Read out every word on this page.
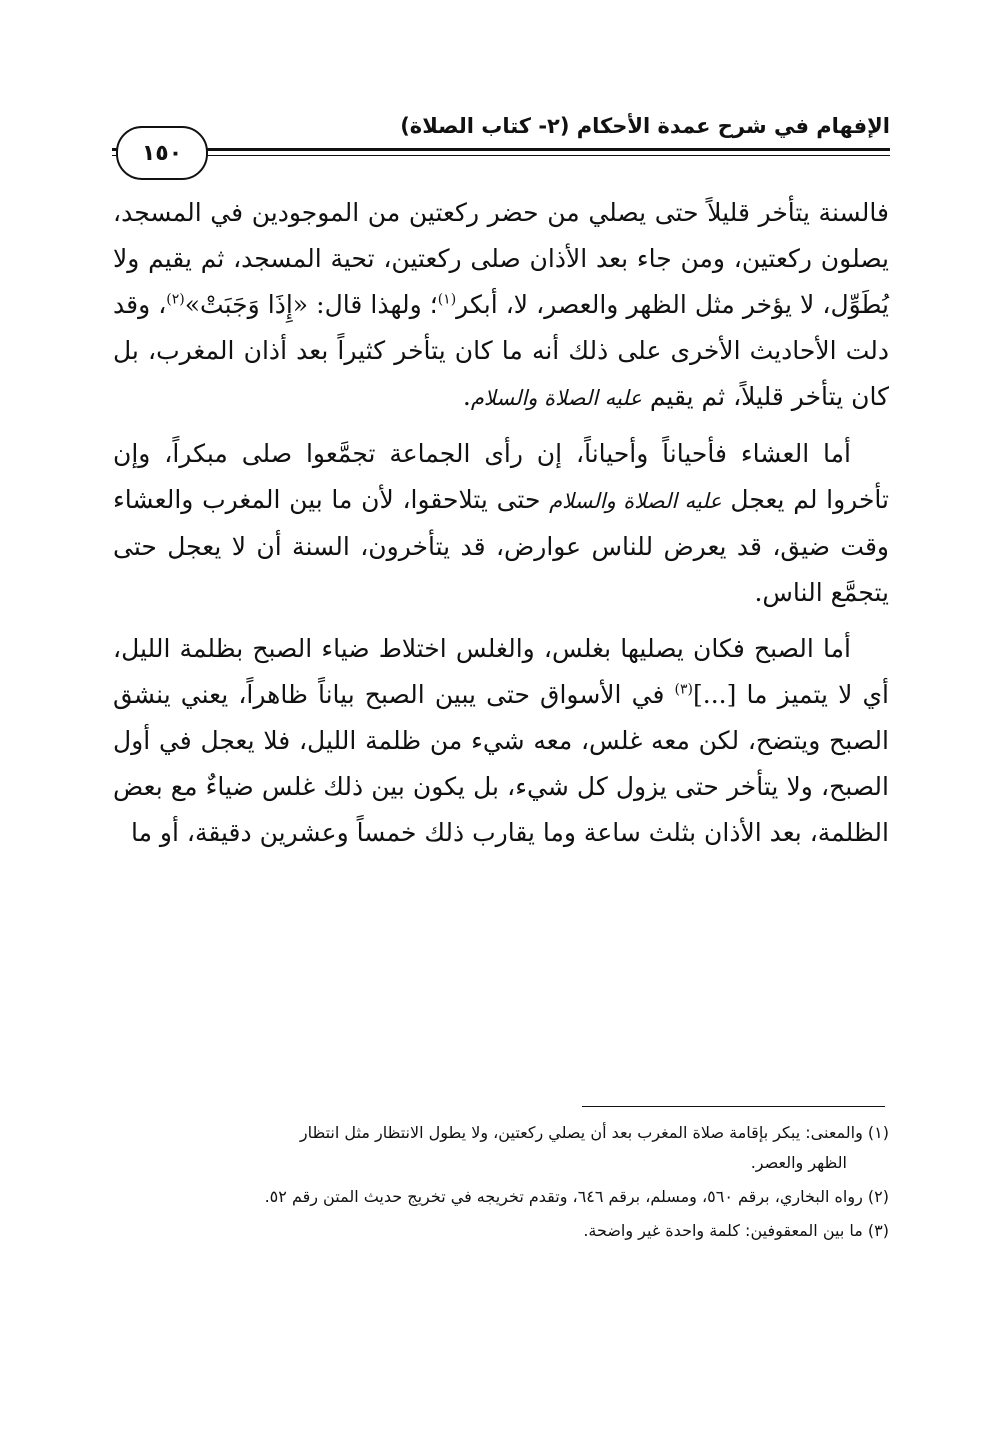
الإفهام في شرح عمدة الأحكام (٢- كتاب الصلاة)
١٥٠

فالسنة يتأخر قليلاً حتى يصلي من حضر ركعتين من الموجودين في المسجد، يصلون ركعتين، ومن جاء بعد الأذان صلى ركعتين، تحية المسجد، ثم يقيم ولا يُطَوِّل، لا يؤخر مثل الظهر والعصر، لا، أبكر$^{(١)}$؛ ولهذا قال: «إِذَا وَجَبَتْ»$^{(٢)}$، وقد دلت الأحاديث الأخرى على ذلك أنه ما كان يتأخر كثيراً بعد أذان المغرب، بل كان يتأخر قليلاً، ثم يقيم عليه الصلاة والسلام.

أما العشاء فأحياناً وأحياناً، إن رأى الجماعة تجمَّعوا صلى مبكراً، وإن تأخروا لم يعجل عليه الصلاة والسلام حتى يتلاحقوا، لأن ما بين المغرب والعشاء وقت ضيق، قد يعرض للناس عوارض، قد يتأخرون، السنة أن لا يعجل حتى يتجمَّع الناس.

أما الصبح فكان يصليها بغلس، والغلس اختلاط ضياء الصبح بظلمة الليل، أي لا يتميز ما [...]$^{(٣)}$ في الأسواق حتى يبين الصبح بياناً ظاهراً، يعني ينشق الصبح ويتضح، لكن معه غلس، معه شيء من ظلمة الليل، فلا يعجل في أول الصبح، ولا يتأخر حتى يزول كل شيء، بل يكون بين ذلك غلس ضياءٌ مع بعض الظلمة، بعد الأذان بثلث ساعة وما يقارب ذلك خمساً وعشرين دقيقة، أو ما

(١) والمعنى: يبكر بإقامة صلاة المغرب بعد أن يصلي ركعتين، ولا يطول الانتظار مثل انتظار
الظهر والعصر.

(٢) رواه البخاري، برقم ٥٦٠، ومسلم، برقم ٦٤٦، وتقدم تخريجه في تخريج حديث المتن رقم ٥٢.

(٣) ما بين المعقوفين: كلمة واحدة غير واضحة.
